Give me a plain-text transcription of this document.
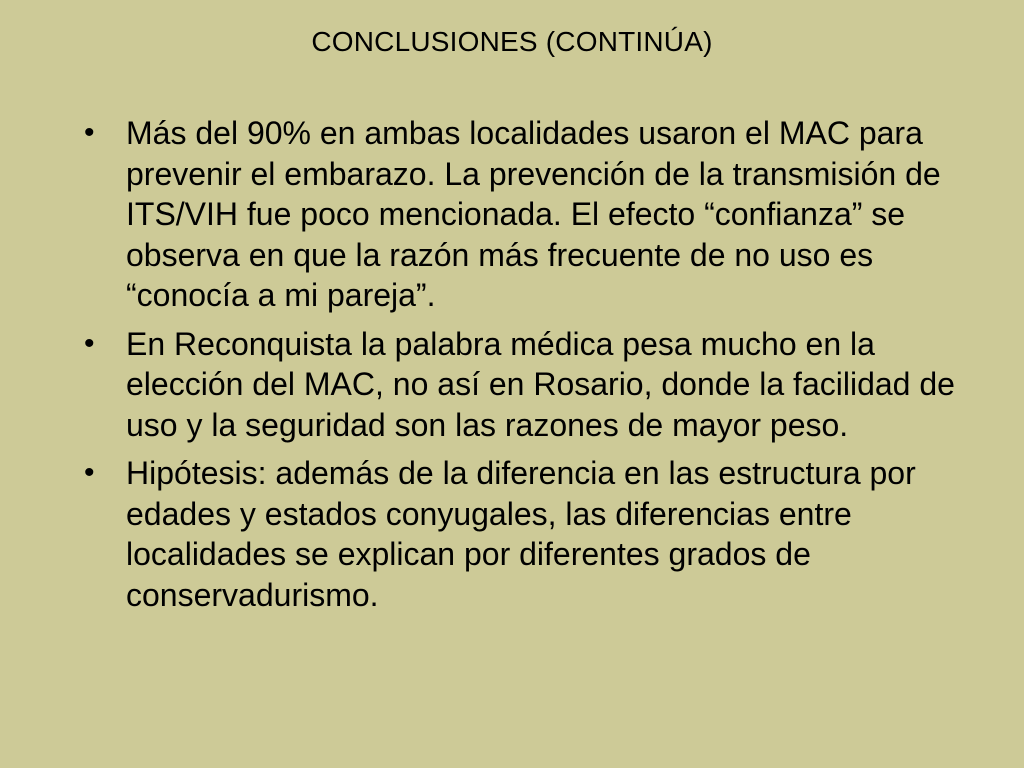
CONCLUSIONES (CONTINÚA)
• Más del 90% en ambas localidades usaron el MAC para prevenir el embarazo. La prevención de la transmisión de ITS/VIH fue poco mencionada. El efecto “confianza” se observa en que la razón más frecuente de no uso es “conocía a mi pareja”.
• En Reconquista la palabra médica pesa mucho en la elección del MAC, no así en Rosario, donde la facilidad de uso y la seguridad son las razones de mayor peso.
• Hipótesis: además de la diferencia en las estructura por edades y estados conyugales, las diferencias entre localidades se explican por diferentes grados de conservadurismo.
